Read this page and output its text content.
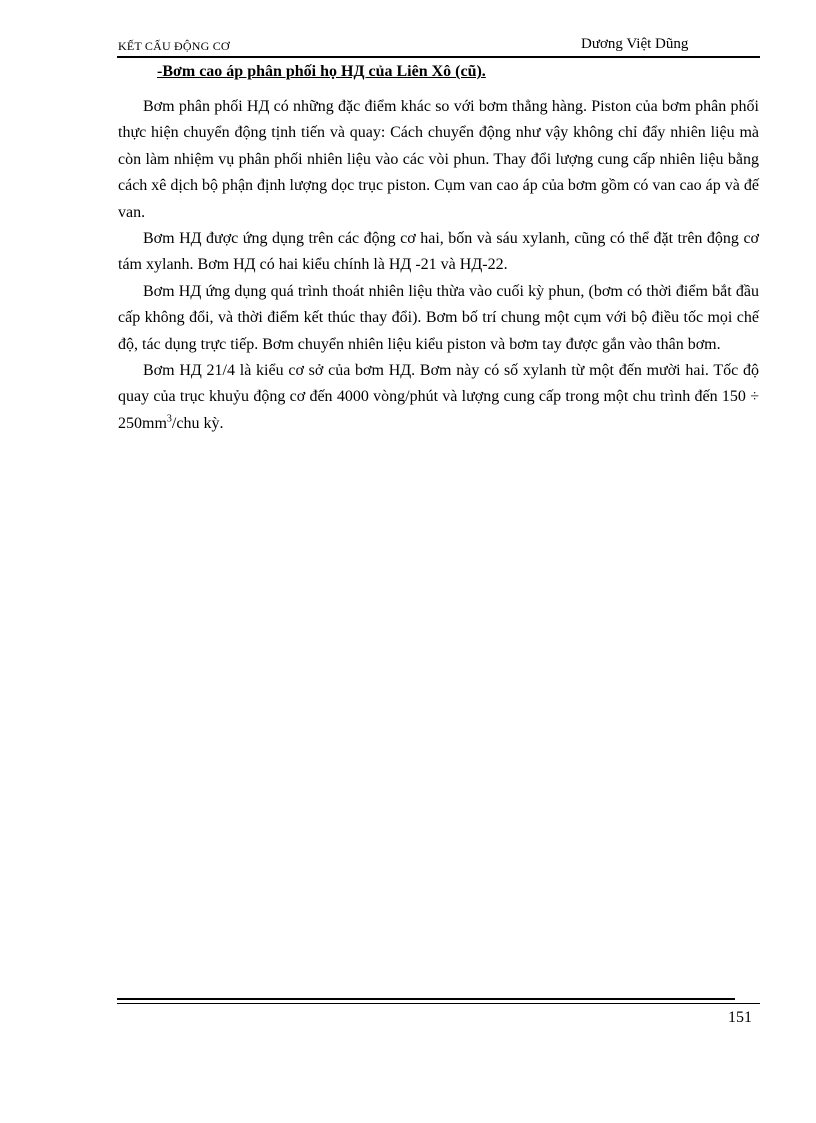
KẾT CẤU ĐỘNG CƠ	Dương Việt Dũng
-Bơm cao áp phân phối họ HД của Liên Xô (cũ).

Bơm phân phối HД có những đặc điểm khác so với bơm thẳng hàng. Piston của bơm phân phối thực hiện chuyển động tịnh tiến và quay: Cách chuyển động như vậy không chỉ đẩy nhiên liệu mà còn làm nhiệm vụ phân phối nhiên liệu vào các vòi phun. Thay đổi lượng cung cấp nhiên liệu bằng cách xê dịch bộ phận định lượng dọc trục piston. Cụm van cao áp của bơm gồm có van cao áp và đế van.

Bơm HД được ứng dụng trên các động cơ hai, bốn và sáu xylanh, cũng có thể đặt trên động cơ tám xylanh. Bơm HД có hai kiểu chính là HД -21 và HД-22.

Bơm HД ứng dụng quá trình thoát nhiên liệu thừa vào cuối kỳ phun, (bơm có thời điểm bắt đầu cấp không đổi, và thời điểm kết thúc thay đổi). Bơm bố trí chung một cụm với bộ điều tốc mọi chế độ, tác dụng trực tiếp. Bơm chuyển nhiên liệu kiểu piston và bơm tay được gắn vào thân bơm.

Bơm HД 21/4 là kiểu cơ sở của bơm HД. Bơm này có số xylanh từ một đến mười hai. Tốc độ quay của trục khuỷu động cơ đến 4000 vòng/phút và lượng cung cấp trong một chu trình đến $150 \div 250mm^3$/chu kỳ.

151
